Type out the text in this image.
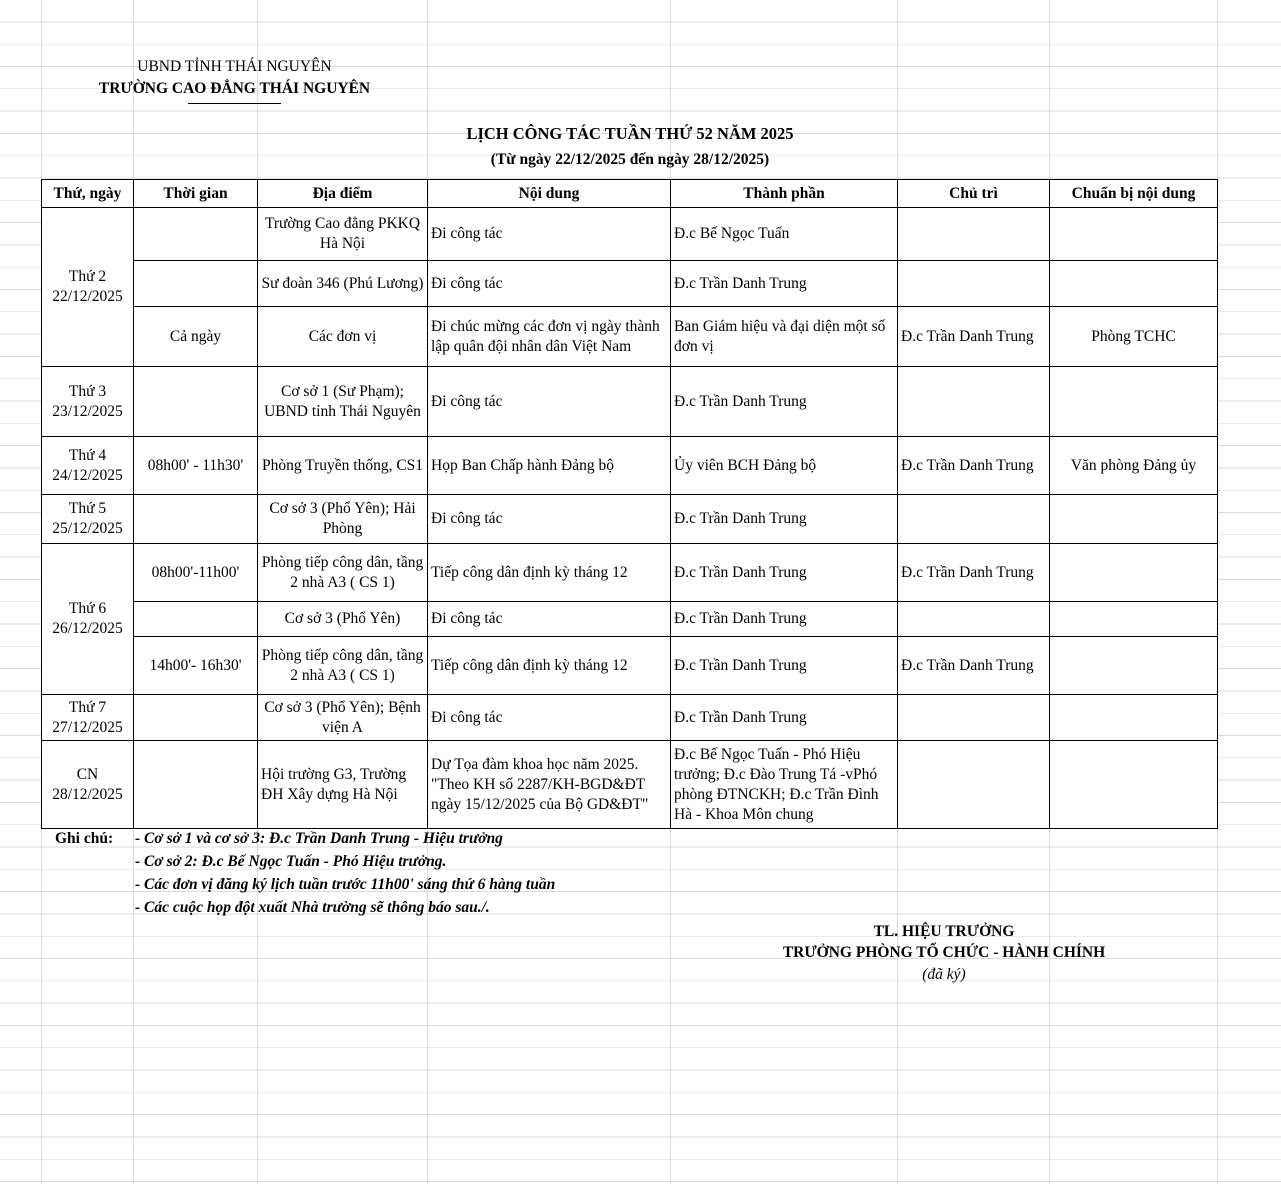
UBND TỈNH THÁI NGUYÊN
TRƯỜNG CAO ĐẲNG THÁI NGUYÊN
LỊCH CÔNG TÁC TUẦN THỨ 52 NĂM 2025
(Từ ngày 22/12/2025 đến ngày 28/12/2025)
Thứ, ngày	Thời gian	Địa điểm	Nội dung	Thành phần	Chủ trì	Chuẩn bị nội dung

Thứ 2
22/12/2025		Trường Cao đẳng PKKQ Hà Nội	Đi công tác	Đ.c Bế Ngọc Tuấn		
		Sư đoàn 346 (Phú Lương)	Đi công tác	Đ.c Trần Danh Trung		
	Cả ngày	Các đơn vị	Đi chúc mừng các đơn vị ngày thành lập quân đội nhân dân Việt Nam	Ban Giám hiệu và đại diện một số đơn vị	Đ.c Trần Danh Trung	Phòng TCHC

Thứ 3
23/12/2025		Cơ sở 1 (Sư Phạm); UBND tỉnh Thái Nguyên	Đi công tác	Đ.c Trần Danh Trung		

Thứ 4
24/12/2025	08h00' - 11h30'	Phòng Truyền thống, CS1	Họp Ban Chấp hành Đảng bộ	Ủy viên BCH Đảng bộ	Đ.c Trần Danh Trung	Văn phòng Đảng ủy

Thứ 5
25/12/2025		Cơ sở 3 (Phổ Yên); Hải Phòng	Đi công tác	Đ.c Trần Danh Trung		

Thứ 6
26/12/2025	08h00'-11h00'	Phòng tiếp công dân, tầng 2 nhà A3 ( CS 1)	Tiếp công dân định kỳ tháng 12	Đ.c Trần Danh Trung	Đ.c Trần Danh Trung	
		Cơ sở 3 (Phổ Yên)	Đi công tác	Đ.c Trần Danh Trung		
	14h00'- 16h30'	Phòng tiếp công dân, tầng 2 nhà A3 ( CS 1)	Tiếp công dân định kỳ tháng 12	Đ.c Trần Danh Trung	Đ.c Trần Danh Trung	

Thứ 7
27/12/2025		Cơ sở 3 (Phổ Yên); Bệnh viện A	Đi công tác	Đ.c Trần Danh Trung		

CN
28/12/2025		Hội trường G3, Trường ĐH Xây dựng Hà Nội	Dự Tọa đàm khoa học năm 2025. "Theo KH số 2287/KH-BGD&ĐT ngày 15/12/2025 của Bộ GD&ĐT"	Đ.c Bế Ngọc Tuấn - Phó Hiệu trưởng; Đ.c Đào Trung Tá -vPhó phòng ĐTNCKH; Đ.c Trần Đình Hà - Khoa Môn chung		
Ghi chú: - Cơ sở 1 và cơ sở 3: Đ.c Trần Danh Trung - Hiệu trưởng
- Cơ sở 2: Đ.c Bế Ngọc Tuấn - Phó Hiệu trưởng.
- Các đơn vị đăng ký lịch tuần trước 11h00' sáng thứ 6 hàng tuần
- Các cuộc họp đột xuất Nhà trường sẽ thông báo sau./.
TL. HIỆU TRƯỞNG
TRƯỞNG PHÒNG TỔ CHỨC - HÀNH CHÍNH
(đã ký)
